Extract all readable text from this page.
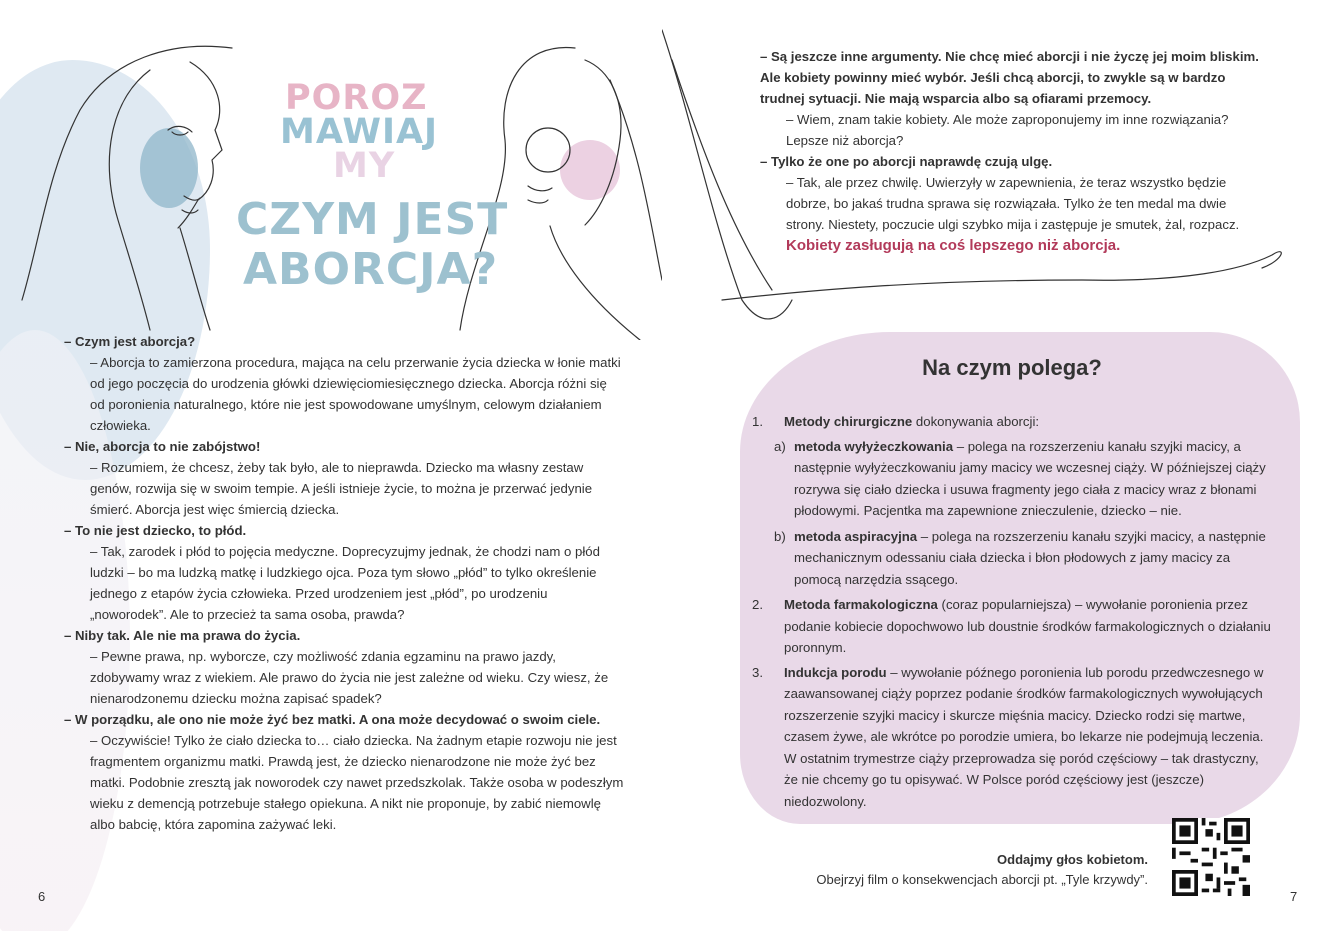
POROZ
MAWIAJ
MY
CZYM JEST
ABORCJA?

– Czym jest aborcja?

– Aborcja to zamierzona procedura, mająca na celu przerwanie życia dziecka w łonie matki od jego poczęcia do urodzenia główki dziewięciomiesięcznego dziecka. Aborcja różni się od poronienia naturalnego, które nie jest spowodowane umyślnym, celowym działaniem człowieka.

– Nie, aborcja to nie zabójstwo!

– Rozumiem, że chcesz, żeby tak było, ale to nieprawda. Dziecko ma własny zestaw genów, rozwija się w swoim tempie. A jeśli istnieje życie, to można je przerwać jedynie śmierć. Aborcja jest więc śmiercią dziecka.

– To nie jest dziecko, to płód.

– Tak, zarodek i płód to pojęcia medyczne. Doprecyzujmy jednak, że chodzi nam o płód ludzki – bo ma ludzką matkę i ludzkiego ojca. Poza tym słowo „płód” to tylko określenie jednego z etapów życia człowieka. Przed urodzeniem jest „płód”, po urodzeniu „noworodek”. Ale to przecież ta sama osoba, prawda?

– Niby tak. Ale nie ma prawa do życia.

– Pewne prawa, np. wyborcze, czy możliwość zdania egzaminu na prawo jazdy, zdobywamy wraz z wiekiem. Ale prawo do życia nie jest zależne od wieku. Czy wiesz, że nienarodzonemu dziecku można zapisać spadek?

– W porządku, ale ono nie może żyć bez matki. A ona może decydować o swoim ciele.

– Oczywiście! Tylko że ciało dziecka to… ciało dziecka. Na żadnym etapie rozwoju nie jest fragmentem organizmu matki. Prawdą jest, że dziecko nienarodzone nie może żyć bez matki. Podobnie zresztą jak noworodek czy nawet przedszkolak. Także osoba w podeszłym wieku z demencją potrzebuje stałego opiekuna. A nikt nie proponuje, by zabić niemowlę albo babcię, która zapomina zażywać leki.

6

– Są jeszcze inne argumenty. Nie chcę mieć aborcji i nie życzę jej moim bliskim. Ale kobiety powinny mieć wybór. Jeśli chcą aborcji, to zwykle są w bardzo trudnej sytuacji. Nie mają wsparcia albo są ofiarami przemocy.

– Wiem, znam takie kobiety. Ale może zaproponujemy im inne rozwiązania? Lepsze niż aborcja?

– Tylko że one po aborcji naprawdę czują ulgę.

– Tak, ale przez chwilę. Uwierzyły w zapewnienia, że teraz wszystko będzie dobrze, bo jakaś trudna sprawa się rozwiązała. Tylko że ten medal ma dwie strony. Niestety, poczucie ulgi szybko mija i zastępuje je smutek, żal, rozpacz.

Kobiety zasługują na coś lepszego niż aborcja.

Na czym polega?
1. Metody chirurgiczne dokonywania aborcji:
a) metoda wyłyżeczkowania – polega na rozszerzeniu kanału szyjki macicy, a następnie wyłyżeczkowaniu jamy macicy we wczesnej ciąży. W późniejszej ciąży rozrywa się ciało dziecka i usuwa fragmenty jego ciała z macicy wraz z błonami płodowymi. Pacjentka ma zapewnione znieczulenie, dziecko – nie.
b) metoda aspiracyjna – polega na rozszerzeniu kanału szyjki macicy, a następnie mechanicznym odessaniu ciała dziecka i błon płodowych z jamy macicy za pomocą narzędzia ssącego.
2. Metoda farmakologiczna (coraz popularniejsza) – wywołanie poronienia przez podanie kobiecie dopochwowo lub doustnie środków farmakologicznych o działaniu poronnym.
3. Indukcja porodu – wywołanie późnego poronienia lub porodu przedwczesnego w zaawansowanej ciąży poprzez podanie środków farmakologicznych wywołujących rozszerzenie szyjki macicy i skurcze mięśnia macicy. Dziecko rodzi się martwe, czasem żywe, ale wkrótce po porodzie umiera, bo lekarze nie podejmują leczenia. W ostatnim trymestrze ciąży przeprowadza się poród częściowy – tak drastyczny, że nie chcemy go tu opisywać. W Polsce poród częściowy jest (jeszcze) niedozwolony.
Oddajmy głos kobietom.
Obejrzyj film o konsekwencjach aborcji pt. „Tyle krzywdy”.
7
